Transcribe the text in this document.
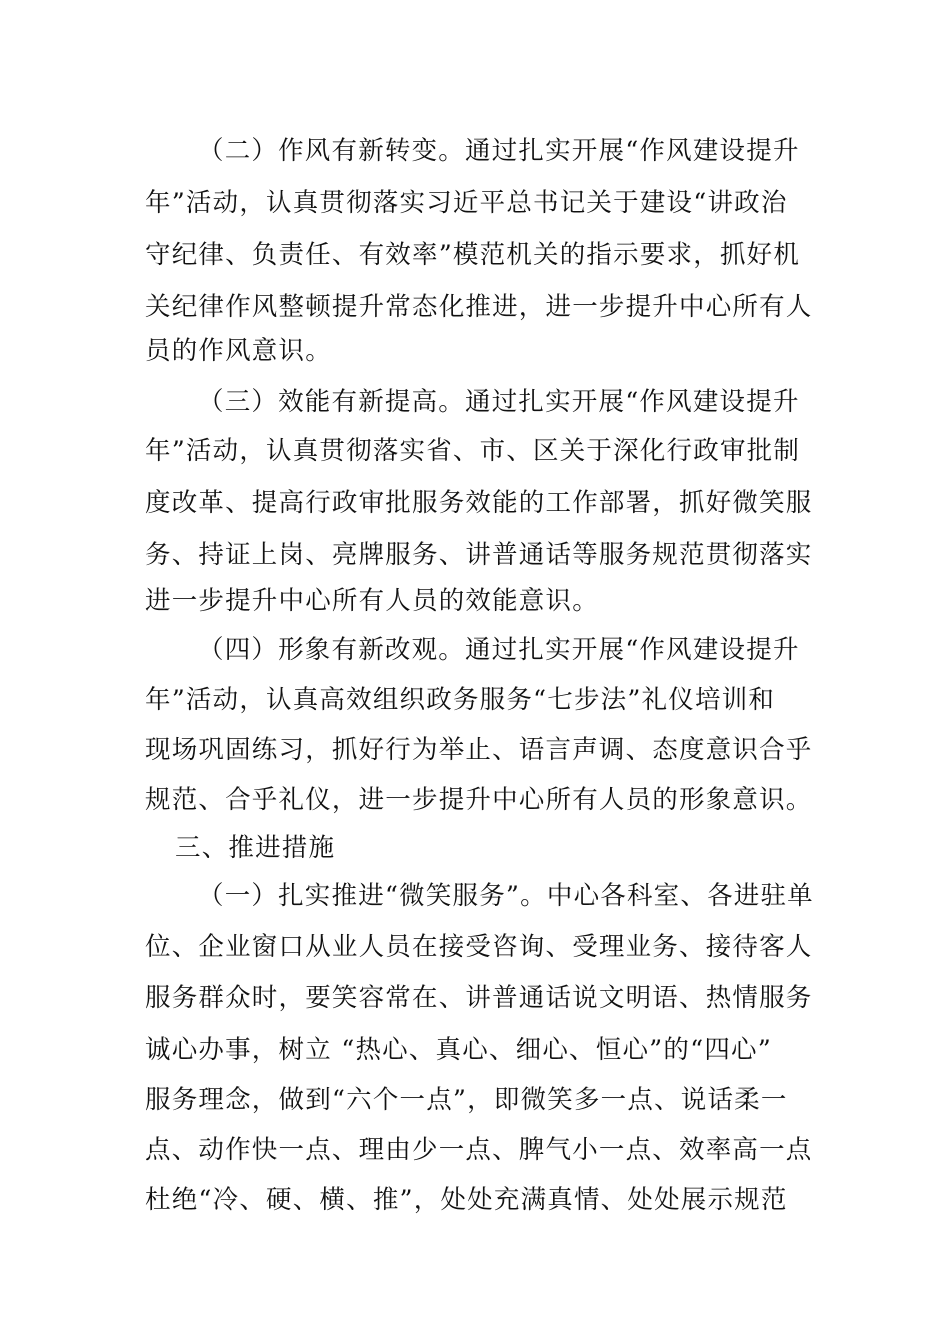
（二）作风有新转变。通过扎实开展“作风建设提升
年”活动，认真贯彻落实习近平总书记关于建设“讲政治
守纪律、负责任、有效率”模范机关的指示要求，抓好机
关纪律作风整顿提升常态化推进，进一步提升中心所有人
员的作风意识。
（三）效能有新提高。通过扎实开展“作风建设提升
年”活动，认真贯彻落实省、市、区关于深化行政审批制
度改革、提高行政审批服务效能的工作部署，抓好微笑服
务、持证上岗、亮牌服务、讲普通话等服务规范贯彻落实
进一步提升中心所有人员的效能意识。
（四）形象有新改观。通过扎实开展“作风建设提升
年”活动，认真高效组织政务服务“七步法”礼仪培训和
现场巩固练习，抓好行为举止、语言声调、态度意识合乎
规范、合乎礼仪，进一步提升中心所有人员的形象意识。
三、推进措施
（一）扎实推进“微笑服务”。中心各科室、各进驻单
位、企业窗口从业人员在接受咨询、受理业务、接待客人
服务群众时，要笑容常在、讲普通话说文明语、热情服务
诚心办事，树立 “热心、真心、细心、恒心”的“四心”
服务理念，做到“六个一点”，即微笑多一点、说话柔一
点、动作快一点、理由少一点、脾气小一点、效率高一点
杜绝“冷、硬、横、推”，处处充满真情、处处展示规范
